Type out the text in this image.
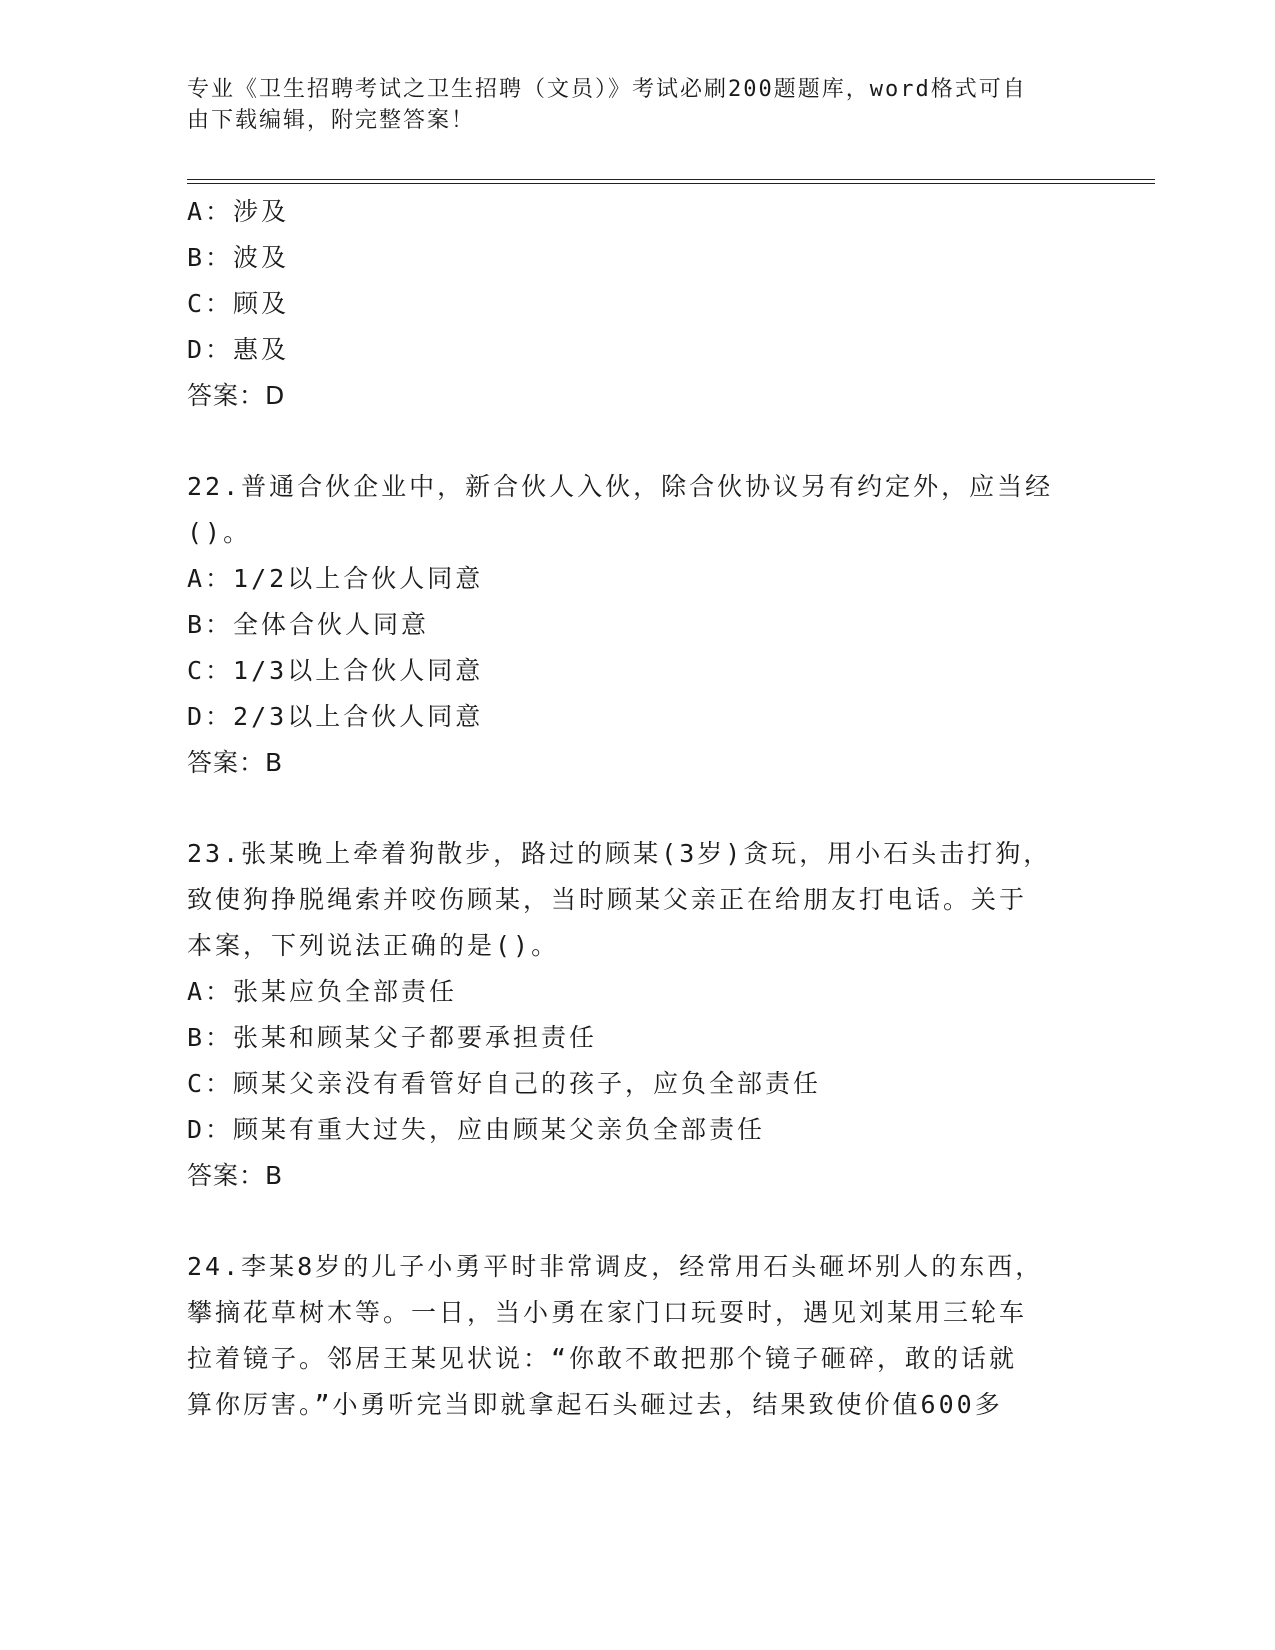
专业《卫生招聘考试之卫生招聘（文员）》考试必刷200题题库，word格式可自
由下载编辑，附完整答案！
A：涉及
B：波及
C：顾及
D：惠及
答案：D
22.普通合伙企业中，新合伙人入伙，除合伙协议另有约定外，应当经
()。
A：1/2以上合伙人同意
B：全体合伙人同意
C：1/3以上合伙人同意
D：2/3以上合伙人同意
答案：B
23.张某晚上牵着狗散步，路过的顾某(3岁)贪玩，用小石头击打狗，
致使狗挣脱绳索并咬伤顾某，当时顾某父亲正在给朋友打电话。关于
本案，下列说法正确的是()。
A：张某应负全部责任
B：张某和顾某父子都要承担责任
C：顾某父亲没有看管好自己的孩子，应负全部责任
D：顾某有重大过失，应由顾某父亲负全部责任
答案：B
24.李某8岁的儿子小勇平时非常调皮，经常用石头砸坏别人的东西，
攀摘花草树木等。一日，当小勇在家门口玩耍时，遇见刘某用三轮车
拉着镜子。邻居王某见状说：“你敢不敢把那个镜子砸碎，敢的话就
算你厉害。”小勇听完当即就拿起石头砸过去，结果致使价值600多
